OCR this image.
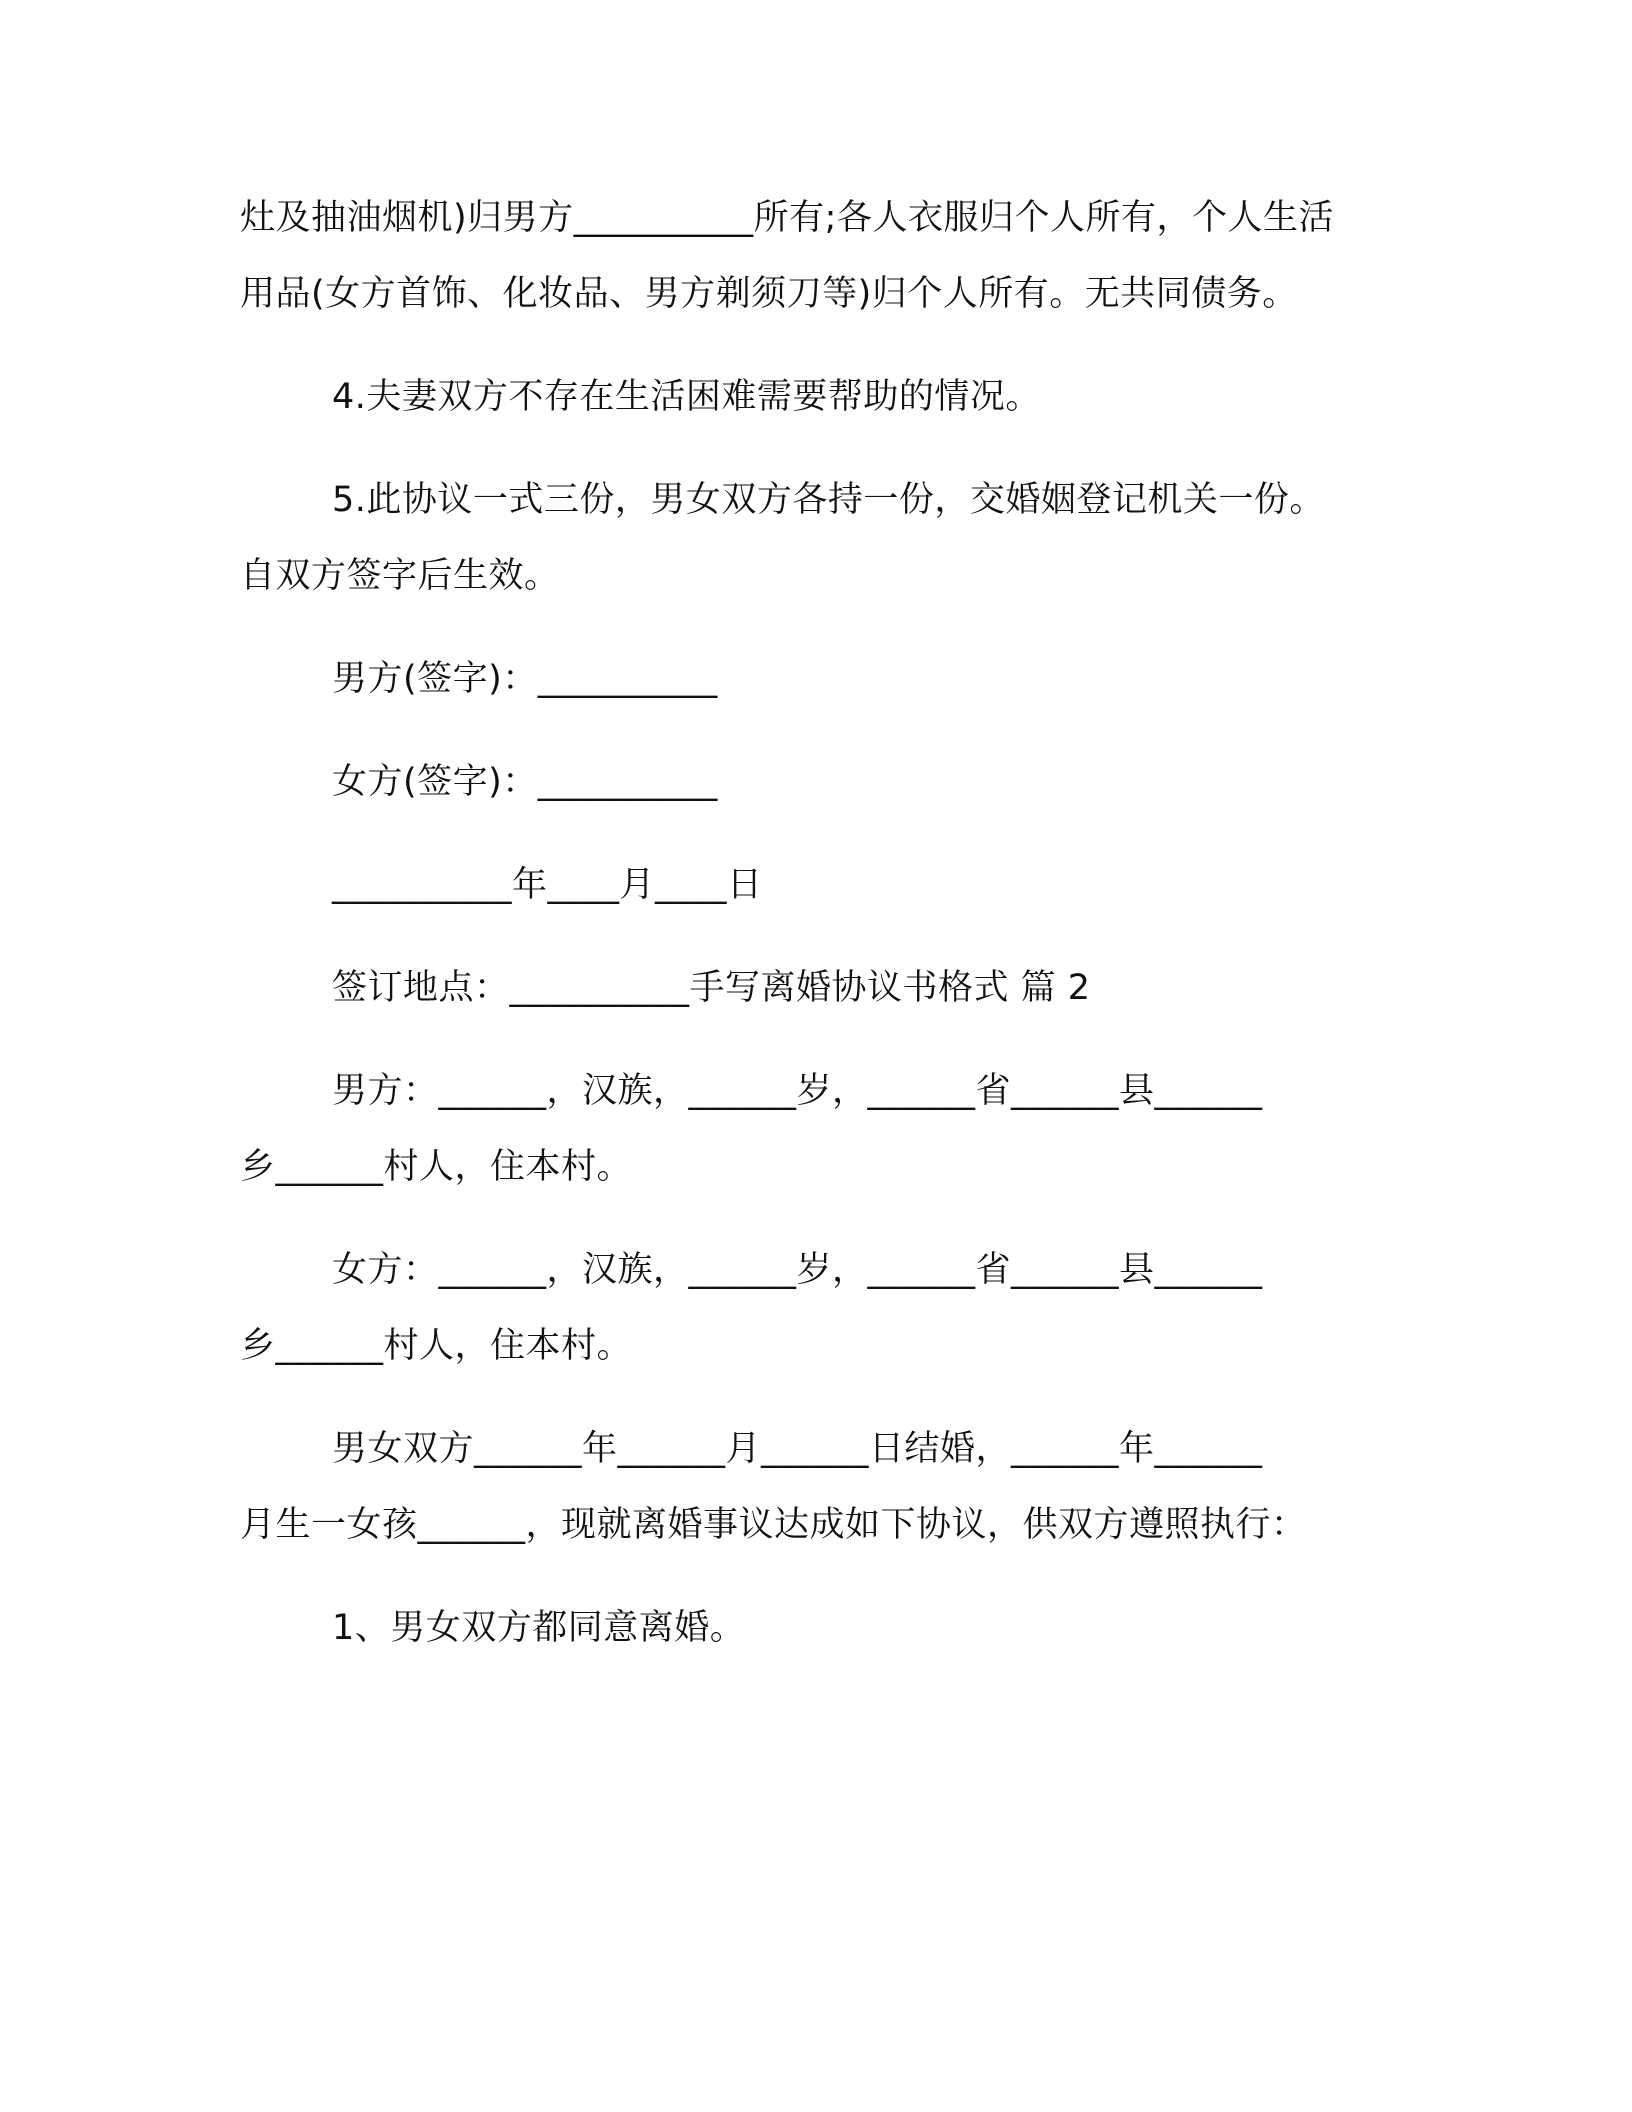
灶及抽油烟机)归男方__________所有;各人衣服归个人所有，个人生活
用品(女方首饰、化妆品、男方剃须刀等)归个人所有。无共同债务。
4.夫妻双方不存在生活困难需要帮助的情况。
5.此协议一式三份，男女双方各持一份，交婚姻登记机关一份。
自双方签字后生效。
男方(签字)：__________
女方(签字)：__________
__________年____月____日
签订地点：__________手写离婚协议书格式 篇 2
男方：______，汉族，______岁，______省______县______
乡______村人，住本村。
女方：______，汉族，______岁，______省______县______
乡______村人，住本村。
男女双方______年______月______日结婚，______年______
月生一女孩______，现就离婚事议达成如下协议，供双方遵照执行：
1、男女双方都同意离婚。
